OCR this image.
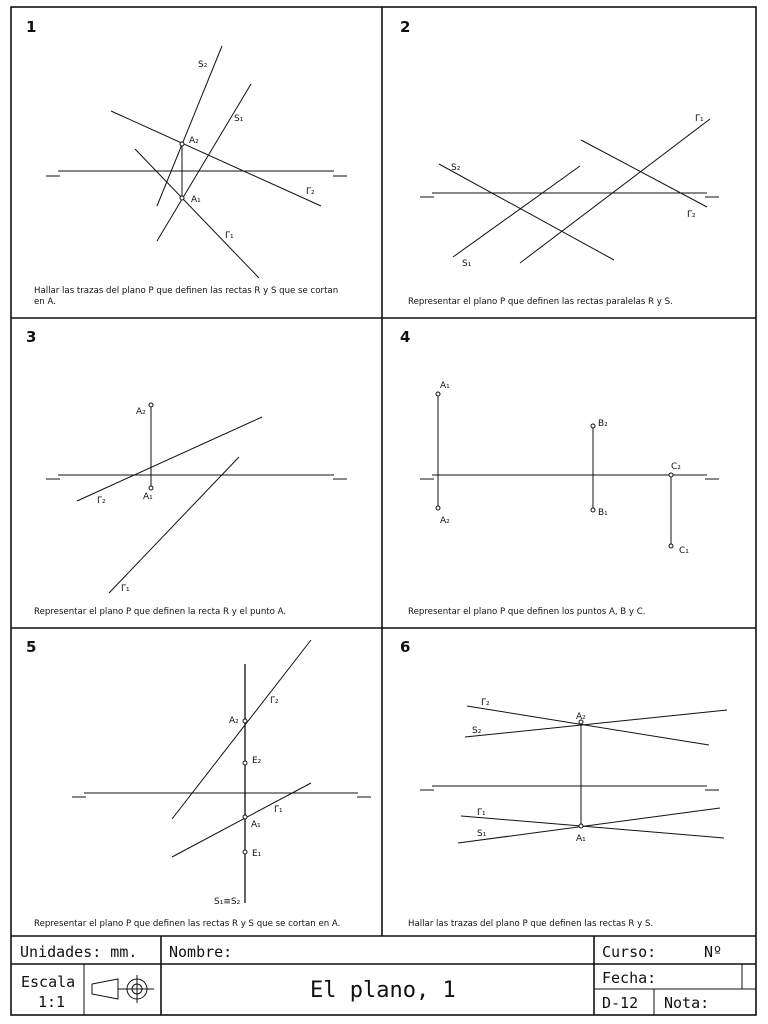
1
S₂
S₁
A₂
A₁
Γ₂
Γ₁
Hallar las trazas del plano P que definen las rectas R y S que se cortan en A.
2
Γ₁
S₂
Γ₂
S₁
Representar el plano P que definen las rectas paralelas R y S.
3
A₂
A₁
Γ₂
Γ₁
Representar el plano P que definen la recta R y el punto A.
4
A₁
A₂
B₂
B₁
C₂
C₁
Representar el plano P que definen los puntos A, B y C.
5
Γ₂
A₂
E₂
Γ₁
A₁
E₁
S₁≡S₂
Representar el plano P que definen las rectas R y S que se cortan en A.
6
Γ₂
A₂
S₂
Γ₁
S₁	A₁
Hallar las trazas del plano P que definen las rectas R y S.
Unidades: mm. Nombre:	Curso:	Nº
Escala
1:1	El plano, 1	Fecha:
D-12 Nota:
